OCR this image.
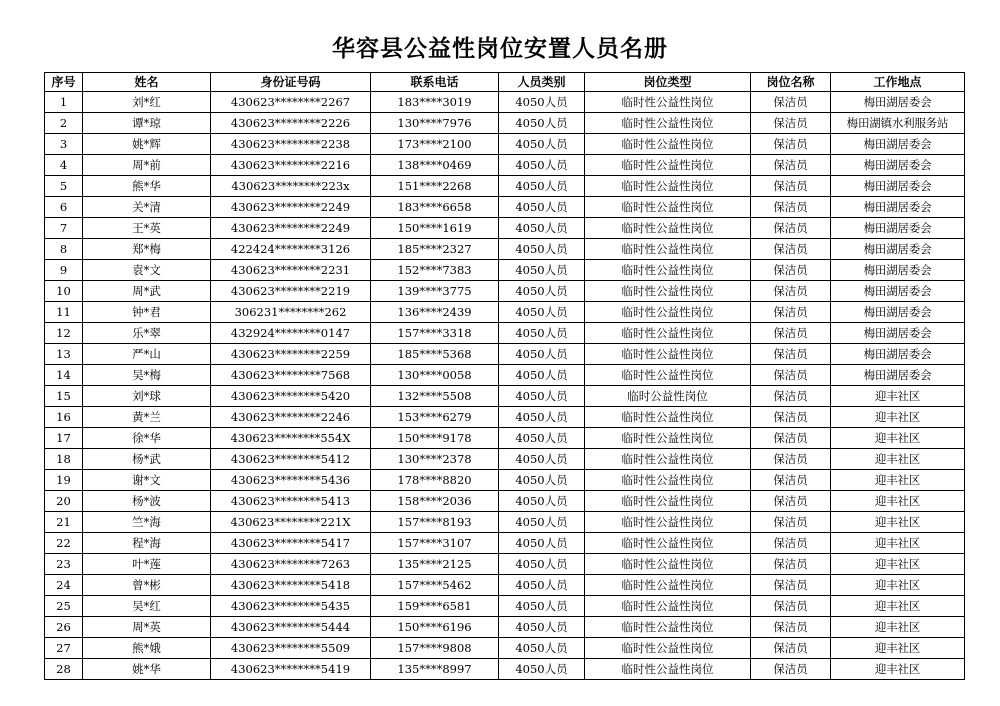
华容县公益性岗位安置人员名册
序号	姓名	身份证号码	联系电话	人员类别	岗位类型	岗位名称	工作地点
1	刘*红	430623********2267	183****3019	4050人员	临时性公益性岗位	保洁员	梅田湖居委会
2	谭*琼	430623********2226	130****7976	4050人员	临时性公益性岗位	保洁员	梅田湖镇水利服务站
3	姚*辉	430623********2238	173****2100	4050人员	临时性公益性岗位	保洁员	梅田湖居委会
4	周*前	430623********2216	138****0469	4050人员	临时性公益性岗位	保洁员	梅田湖居委会
5	熊*华	430623********223x	151****2268	4050人员	临时性公益性岗位	保洁员	梅田湖居委会
6	关*清	430623********2249	183****6658	4050人员	临时性公益性岗位	保洁员	梅田湖居委会
7	王*英	430623********2249	150****1619	4050人员	临时性公益性岗位	保洁员	梅田湖居委会
8	郑*梅	422424********3126	185****2327	4050人员	临时性公益性岗位	保洁员	梅田湖居委会
9	袁*文	430623********2231	152****7383	4050人员	临时性公益性岗位	保洁员	梅田湖居委会
10	周*武	430623********2219	139****3775	4050人员	临时性公益性岗位	保洁员	梅田湖居委会
11	钟*君	306231********262	136****2439	4050人员	临时性公益性岗位	保洁员	梅田湖居委会
12	乐*翠	432924********0147	157****3318	4050人员	临时性公益性岗位	保洁员	梅田湖居委会
13	严*山	430623********2259	185****5368	4050人员	临时性公益性岗位	保洁员	梅田湖居委会
14	吴*梅	430623********7568	130****0058	4050人员	临时性公益性岗位	保洁员	梅田湖居委会
15	刘*球	430623********5420	132****5508	4050人员	临时公益性岗位	保洁员	迎丰社区
16	黄*兰	430623********2246	153****6279	4050人员	临时性公益性岗位	保洁员	迎丰社区
17	徐*华	430623********554X	150****9178	4050人员	临时性公益性岗位	保洁员	迎丰社区
18	杨*武	430623********5412	130****2378	4050人员	临时性公益性岗位	保洁员	迎丰社区
19	谢*文	430623********5436	178****8820	4050人员	临时性公益性岗位	保洁员	迎丰社区
20	杨*波	430623********5413	158****2036	4050人员	临时性公益性岗位	保洁员	迎丰社区
21	竺*海	430623********221X	157****8193	4050人员	临时性公益性岗位	保洁员	迎丰社区
22	程*海	430623********5417	157****3107	4050人员	临时性公益性岗位	保洁员	迎丰社区
23	叶*莲	430623********7263	135****2125	4050人员	临时性公益性岗位	保洁员	迎丰社区
24	曾*彬	430623********5418	157****5462	4050人员	临时性公益性岗位	保洁员	迎丰社区
25	吴*红	430623********5435	159****6581	4050人员	临时性公益性岗位	保洁员	迎丰社区
26	周*英	430623********5444	150****6196	4050人员	临时性公益性岗位	保洁员	迎丰社区
27	熊*娥	430623********5509	157****9808	4050人员	临时性公益性岗位	保洁员	迎丰社区
28	姚*华	430623********5419	135****8997	4050人员	临时性公益性岗位	保洁员	迎丰社区
